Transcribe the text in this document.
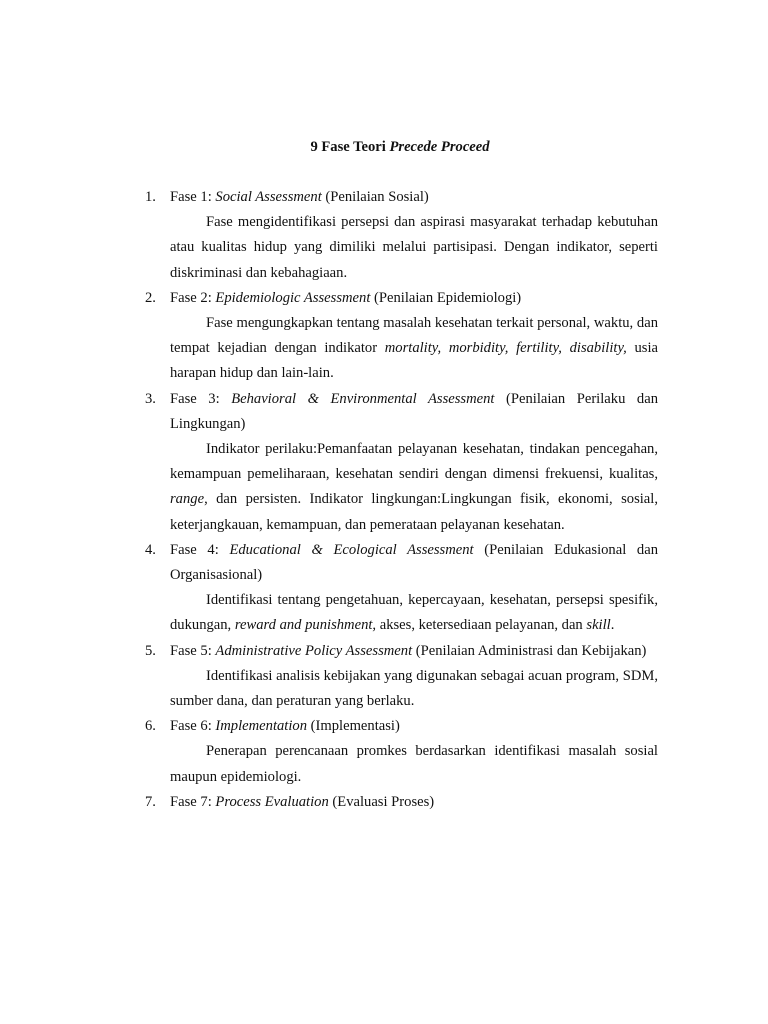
9 Fase Teori Precede Proceed
1. Fase 1: Social Assessment (Penilaian Sosial)
Fase mengidentifikasi persepsi dan aspirasi masyarakat terhadap kebutuhan atau kualitas hidup yang dimiliki melalui partisipasi. Dengan indikator, seperti diskriminasi dan kebahagiaan.
2. Fase 2: Epidemiologic Assessment (Penilaian Epidemiologi)
Fase mengungkapkan tentang masalah kesehatan terkait personal, waktu, dan tempat kejadian dengan indikator mortality, morbidity, fertility, disability, usia harapan hidup dan lain-lain.
3. Fase 3: Behavioral & Environmental Assessment (Penilaian Perilaku dan Lingkungan)
Indikator perilaku:Pemanfaatan pelayanan kesehatan, tindakan pencegahan, kemampuan pemeliharaan, kesehatan sendiri dengan dimensi frekuensi, kualitas, range, dan persisten. Indikator lingkungan:Lingkungan fisik, ekonomi, sosial, keterjangkauan, kemampuan, dan pemerataan pelayanan kesehatan.
4. Fase 4: Educational & Ecological Assessment (Penilaian Edukasional dan Organisasional)
Identifikasi tentang pengetahuan, kepercayaan, kesehatan, persepsi spesifik, dukungan, reward and punishment, akses, ketersediaan pelayanan, dan skill.
5. Fase 5: Administrative Policy Assessment (Penilaian Administrasi dan Kebijakan)
Identifikasi analisis kebijakan yang digunakan sebagai acuan program, SDM, sumber dana, dan peraturan yang berlaku.
6. Fase 6: Implementation (Implementasi)
Penerapan perencanaan promkes berdasarkan identifikasi masalah sosial maupun epidemiologi.
7. Fase 7: Process Evaluation (Evaluasi Proses)
